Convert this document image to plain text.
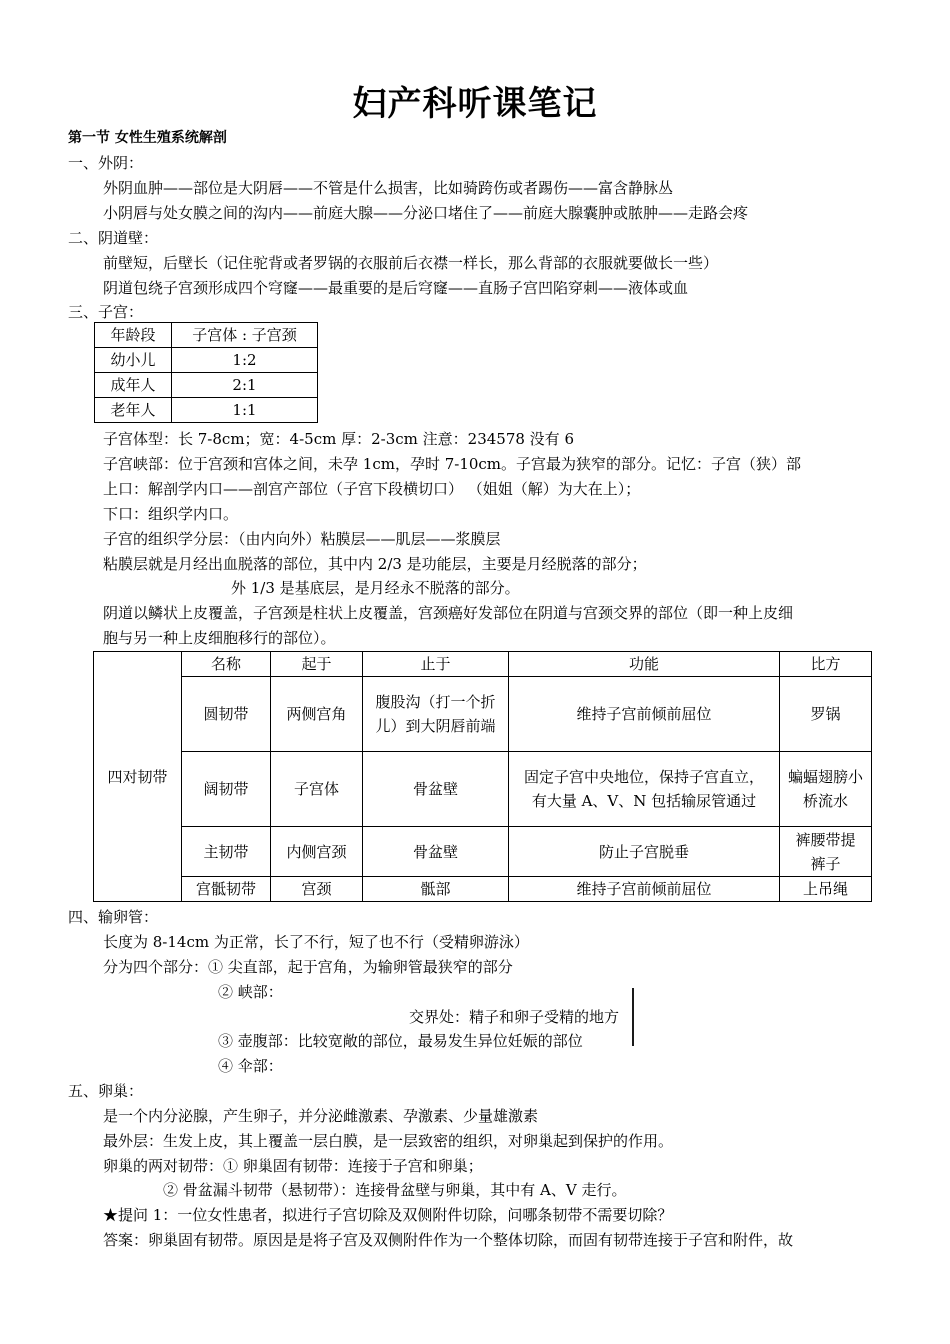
妇产科听课笔记
第一节 女性生殖系统解剖
一、外阴：
外阴血肿——部位是大阴唇——不管是什么损害，比如骑跨伤或者踢伤——富含静脉丛
小阴唇与处女膜之间的沟内——前庭大腺——分泌口堵住了——前庭大腺囊肿或脓肿——走路会疼
二、阴道壁：
前壁短，后壁长（记住驼背或者罗锅的衣服前后衣襟一样长，那么背部的衣服就要做长一些）
阴道包绕子宫颈形成四个穹窿——最重要的是后穹窿——直肠子宫凹陷穿刺——液体或血
三、子宫：
年龄段	子宫体 : 子宫颈
幼小儿	1:2
成年人	2:1
老年人	1:1
子宫体型：长 7-8cm；宽：4-5cm 厚：2-3cm 注意：234578 没有 6
子宫峡部：位于宫颈和宫体之间，未孕 1cm，孕时 7-10cm。子宫最为狭窄的部分。记忆：子宫（狭）部
上口：解剖学内口——剖宫产部位（子宫下段横切口） （姐姐（解）为大在上）；
下口：组织学内口。
子宫的组织学分层：（由内向外）粘膜层——肌层——浆膜层
粘膜层就是月经出血脱落的部位，其中内 2/3 是功能层，主要是月经脱落的部分；
外 1/3 是基底层，是月经永不脱落的部分。
阴道以鳞状上皮覆盖，子宫颈是柱状上皮覆盖，宫颈癌好发部位在阴道与宫颈交界的部位（即一种上皮细
胞与另一种上皮细胞移行的部位）。
四对韧带	名称	起于	止于	功能	比方
	圆韧带	两侧宫角	腹股沟（打一个折儿）到大阴唇前端	维持子宫前倾前屈位	罗锅
	阔韧带	子宫体	骨盆壁	固定子宫中央地位，保持子宫直立，有大量 A、V、N 包括输尿管通过	蝙蝠翅膀小桥流水
	主韧带	内侧宫颈	骨盆壁	防止子宫脱垂	裤腰带提裤子
	宫骶韧带	宫颈	骶部	维持子宫前倾前屈位	上吊绳
四、输卵管：
长度为 8-14cm 为正常，长了不行，短了也不行（受精卵游泳）
分为四个部分：① 尖直部，起于宫角，为输卵管最狭窄的部分
② 峡部：
交界处：精子和卵子受精的地方
③ 壶腹部：比较宽敞的部位，最易发生异位妊娠的部位
④ 伞部：
五、卵巢：
是一个内分泌腺，产生卵子，并分泌雌激素、孕激素、少量雄激素
最外层：生发上皮，其上覆盖一层白膜，是一层致密的组织，对卵巢起到保护的作用。
卵巢的两对韧带：① 卵巢固有韧带：连接于子宫和卵巢；
② 骨盆漏斗韧带（悬韧带）：连接骨盆壁与卵巢，其中有 A、V 走行。
★提问 1：一位女性患者，拟进行子宫切除及双侧附件切除，问哪条韧带不需要切除？
答案：卵巢固有韧带。原因是是将子宫及双侧附件作为一个整体切除，而固有韧带连接于子宫和附件，故
